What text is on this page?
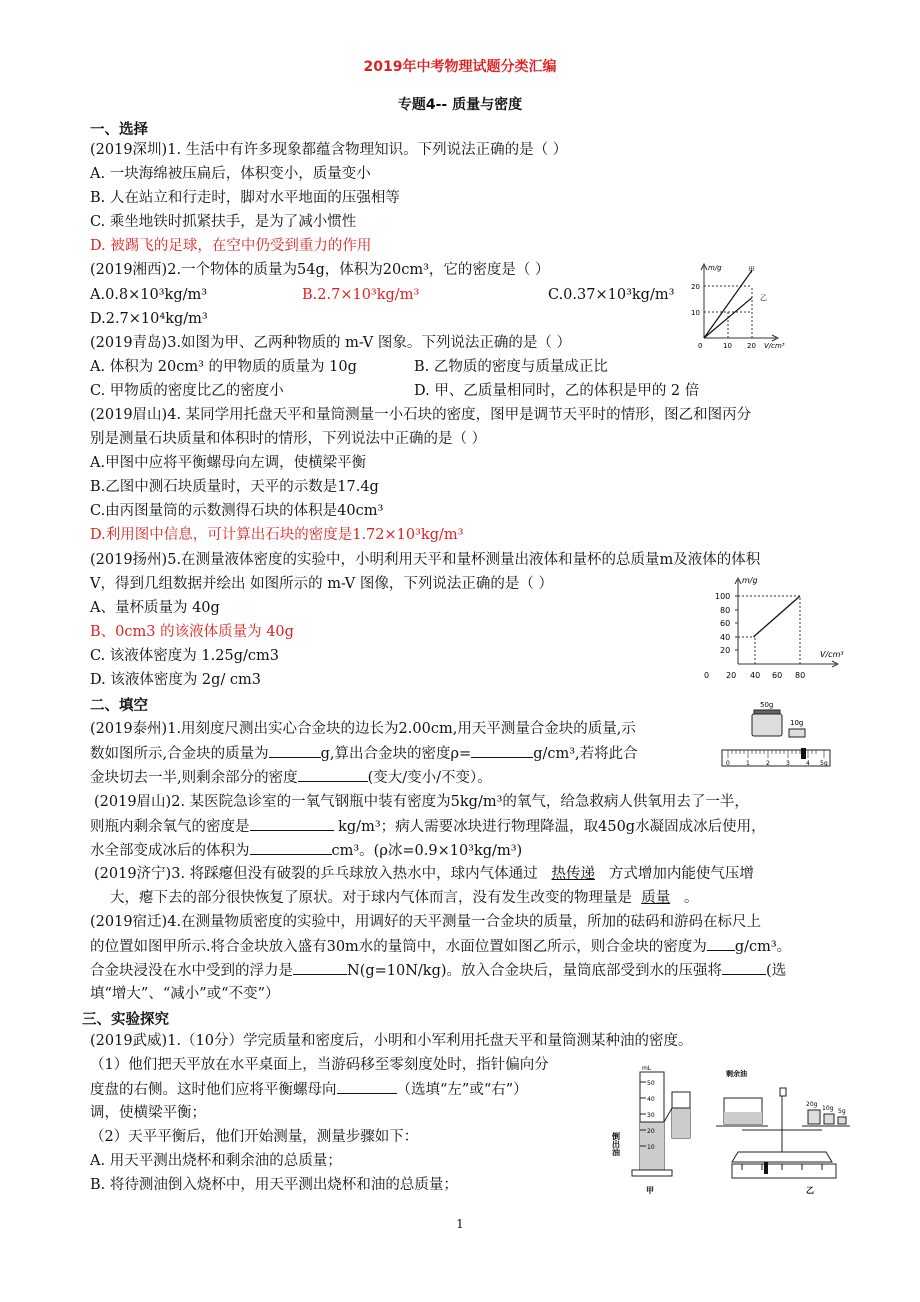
2019年中考物理试题分类汇编
专题4-- 质量与密度
一、选择
(2019深圳)1. 生活中有许多现象都蕴含物理知识。下列说法正确的是（ ）
A. 一块海绵被压扁后，体积变小，质量变小
B. 人在站立和行走时，脚对水平地面的压强相等
C. 乘坐地铁时抓紧扶手，是为了减小惯性
D. 被踢飞的足球，在空中仍受到重力的作用
(2019湘西)2.一个物体的质量为54g，体积为20cm³，它的密度是（ ）
A.0.8×10³kg/m³	B.2.7×10³kg/m³	C.0.37×10³kg/m³
D.2.7×10⁴kg/m³
m/g	甲
乙
20
10
0	10 20 V/cm³
(2019青岛)3.如图为甲、乙两种物质的 m-V 图象。下列说法正确的是（ ）
A. 体积为 20cm³ 的甲物质的质量为 10g	B. 乙物质的密度与质量成正比
C. 甲物质的密度比乙的密度小	D. 甲、乙质量相同时，乙的体积是甲的 2 倍
(2019眉山)4. 某同学用托盘天平和量筒测量一小石块的密度，图甲是调节天平时的情形，图乙和图丙分
别是测量石块质量和体积时的情形，下列说法中正确的是（ ）
A.甲图中应将平衡螺母向左调，使横梁平衡
B.乙图中测石块质量时，天平的示数是17.4g
C.由丙图量筒的示数测得石块的体积是40cm³
D.利用图中信息，可计算出石块的密度是1.72×10³kg/m³
(2019扬州)5.在测量液体密度的实验中，小明利用天平和量杯测量出液体和量杯的总质量m及液体的体积
V，得到几组数据并绘出 如图所示的 m-V 图像，下列说法正确的是（ ）
A、量杯质量为 40g
B、0cm3 的该液体质量为 40g
C. 该液体密度为 1.25g/cm3
D. 该液体密度为 2g/ cm3
m/g
100
80
60
40
20
0 20 40 60 80
V/cm³
二、填空
(2019泰州)1.用刻度尺测出实心合金块的边长为2.00cm,用天平测量合金块的质量,示
数如图所示,合金块的质量为	g,算出合金块的密度ρ=	g/cm³,若将此合
金块切去一半,则剩余部分的密度	(变大/变小/不变）。
50g
10g
0	1	2	3	4 5g
(2019眉山)2. 某医院急诊室的一氧气钢瓶中装有密度为5kg/m³的氧气，给急救病人供氧用去了一半，
则瓶内剩余氧气的密度是	kg/m³；病人需要冰块进行物理降温，取450g水凝固成冰后使用，
水全部变成冰后的体积为	cm³。(ρ冰=0.9×10³kg/m³)
(2019济宁)3. 将踩瘪但没有破裂的乒乓球放入热水中，球内气体通过 热传递 方式增加内能使气压增
大，瘪下去的部分很快恢复了原状。对于球内气体而言，没有发生改变的物理量是 质量 。
(2019宿迁)4.在测量物质密度的实验中，用调好的天平测量一合金块的质量，所加的砝码和游码在标尺上
的位置如图甲所示.将合金块放入盛有30m水的量筒中，水面位置如图乙所示，则合金块的密度为 g/cm³。
合金块浸没在水中受到的浮力是	N(g=10N/kg)。放入合金块后，量筒底部受到水的压强将	(选
填“增大”、“减小”或“不变”）
三、实验探究
(2019武威)1.（10分）学完质量和密度后，小明和小军利用托盘天平和量筒测某种油的密度。
（1）他们把天平放在水平桌面上，当游码移至零刻度处时，指针偏向分
度盘的右侧。这时他们应将平衡螺母向	（选填“左”或“右”）
调，使横梁平衡；
（2）天平平衡后，他们开始测量，测量步骤如下：
A. 用天平测出烧杯和剩余油的总质量；
B. 将待测油倒入烧杯中，用天平测出烧杯和油的总质量；
mL
50
40
30
20
10
倒出油
甲
剩余油
20g
10g 5g
乙
1
